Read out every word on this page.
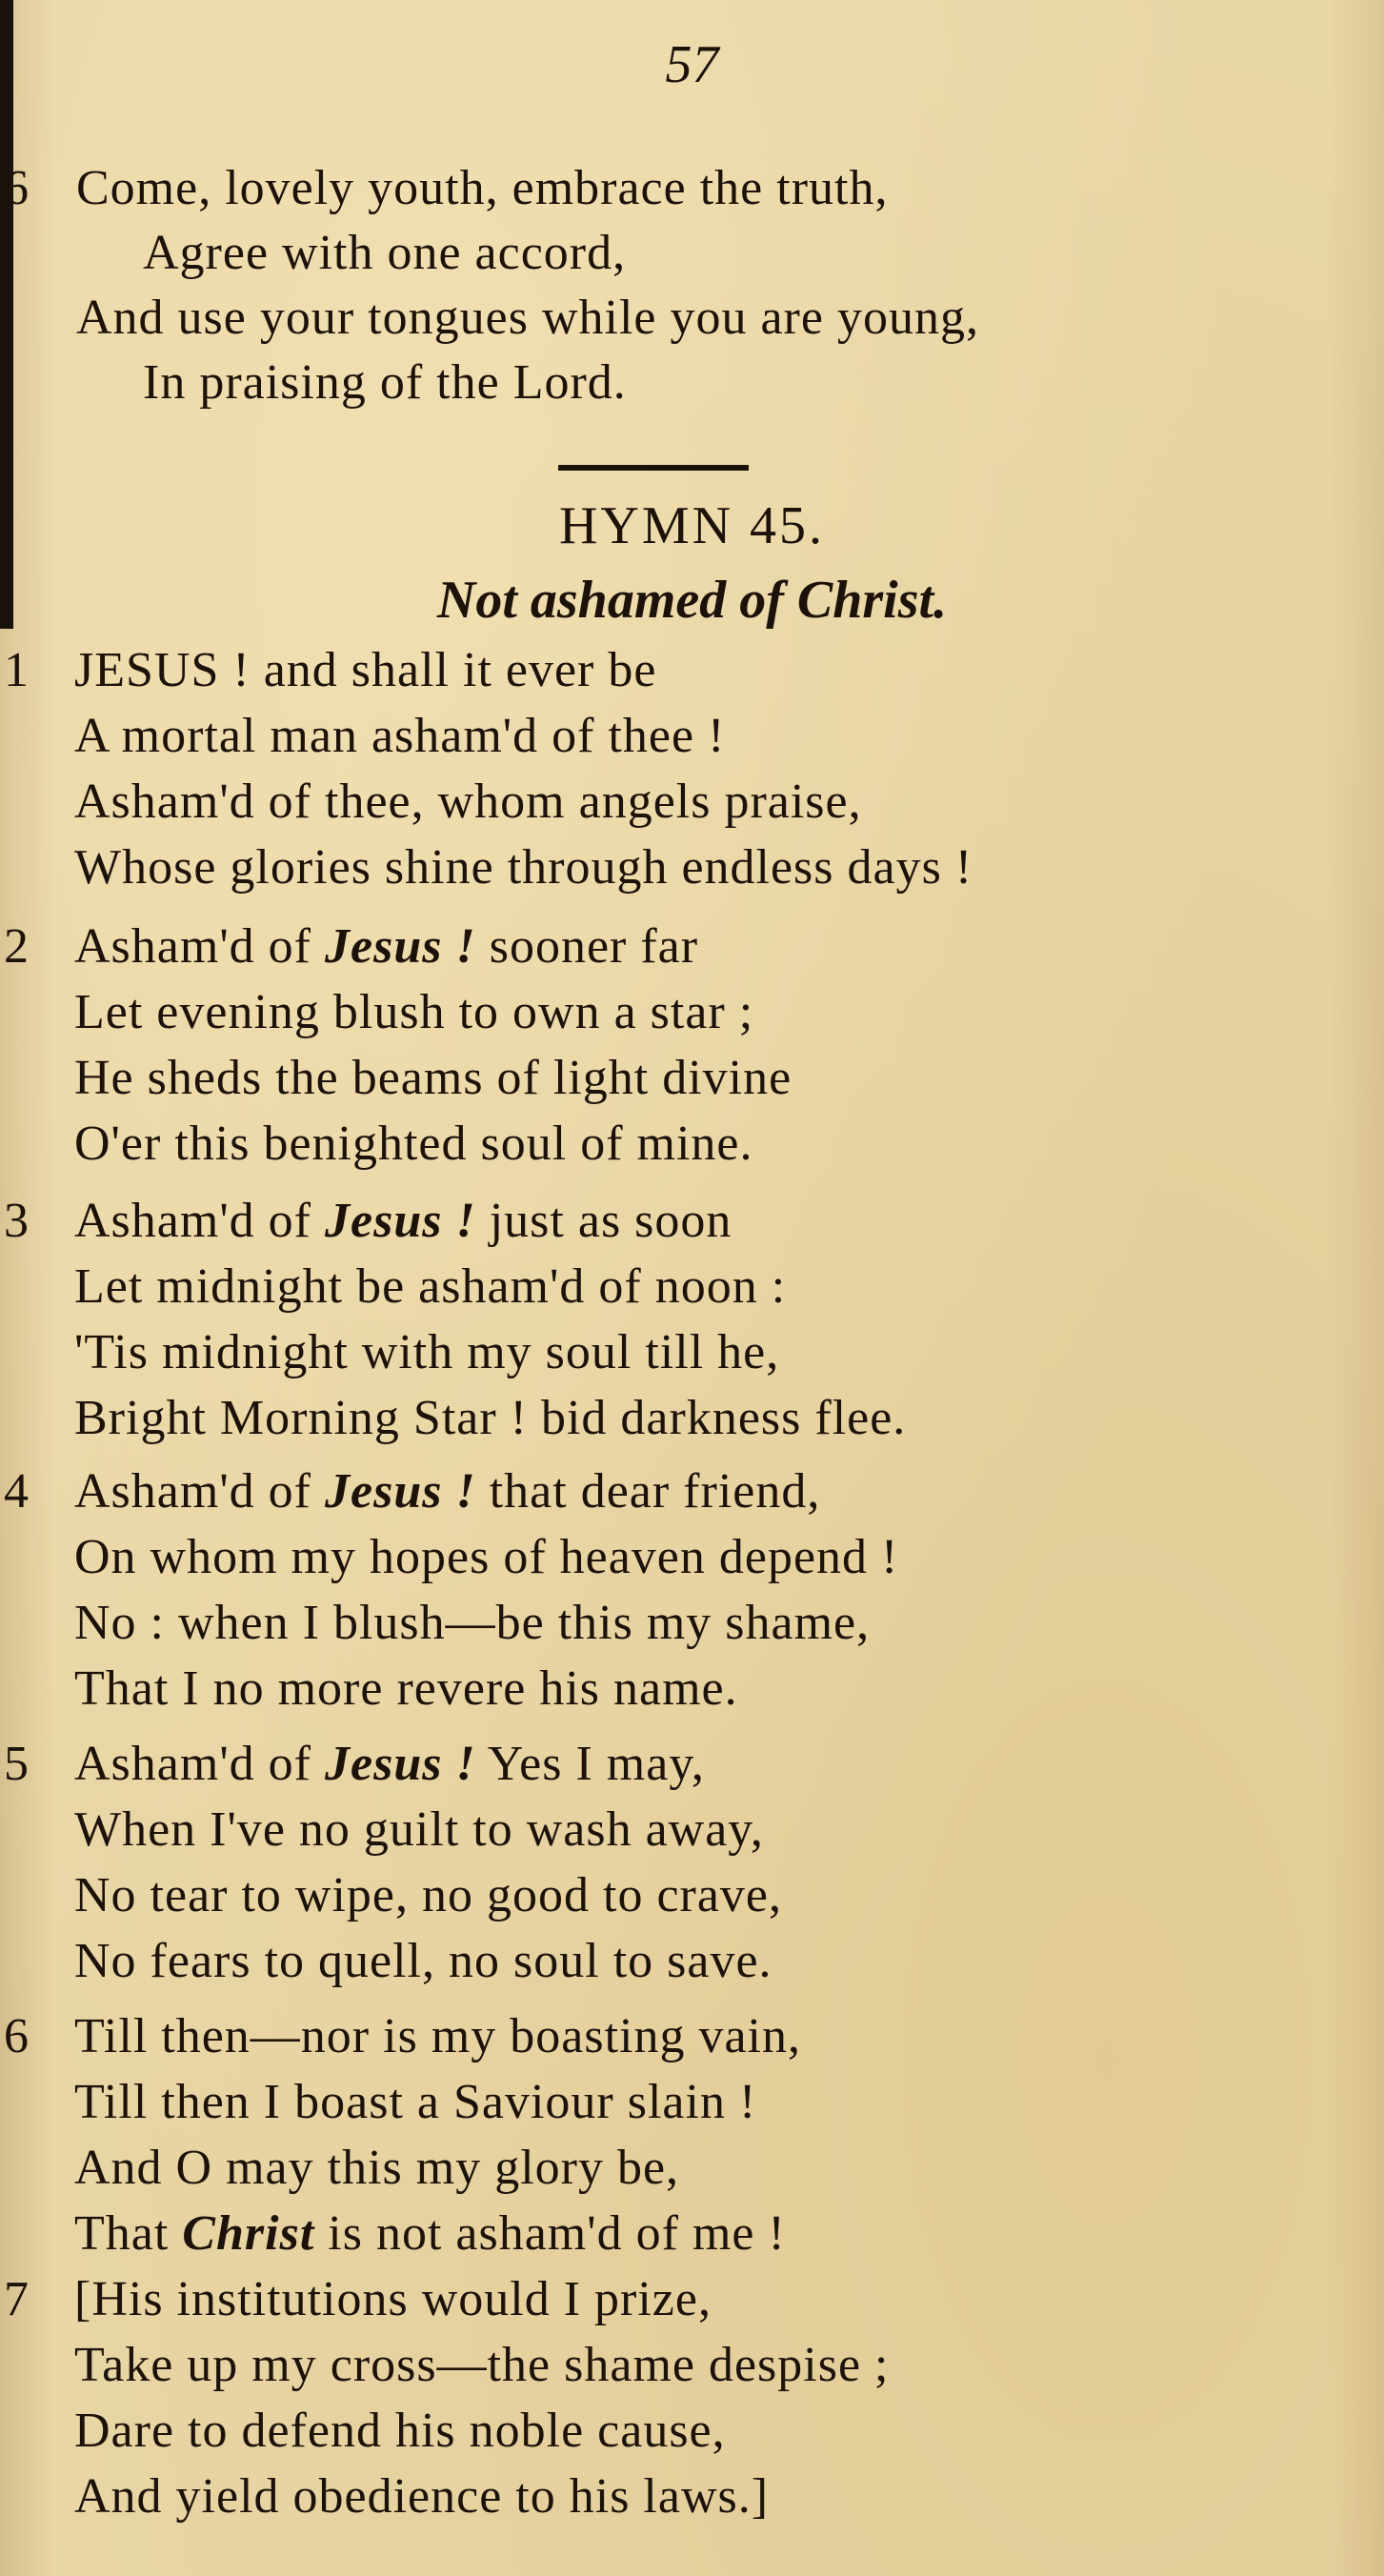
57
6 Come, lovely youth, embrace the truth,
Agree with one accord,
And use your tongues while you are young,
In praising of the Lord.
HYMN 45.
Not ashamed of Christ.
1 JESUS ! and shall it ever be
A mortal man asham'd of thee !
Asham'd of thee, whom angels praise,
Whose glories shine through endless days !
2 Asham'd of Jesus ! sooner far
Let evening blush to own a star ;
He sheds the beams of light divine
O'er this benighted soul of mine.
3 Asham'd of Jesus ! just as soon
Let midnight be asham'd of noon :
'Tis midnight with my soul till he,
Bright Morning Star ! bid darkness flee.
4 Asham'd of Jesus ! that dear friend,
On whom my hopes of heaven depend !
No : when I blush—be this my shame,
That I no more revere his name.
5 Asham'd of Jesus ! Yes I may,
When I've no guilt to wash away,
No tear to wipe, no good to crave,
No fears to quell, no soul to save.
6 Till then—nor is my boasting vain,
Till then I boast a Saviour slain !
And O may this my glory be,
That Christ is not asham'd of me !
7 [His institutions would I prize,
Take up my cross—the shame despise ;
Dare to defend his noble cause,
And yield obedience to his laws.]
